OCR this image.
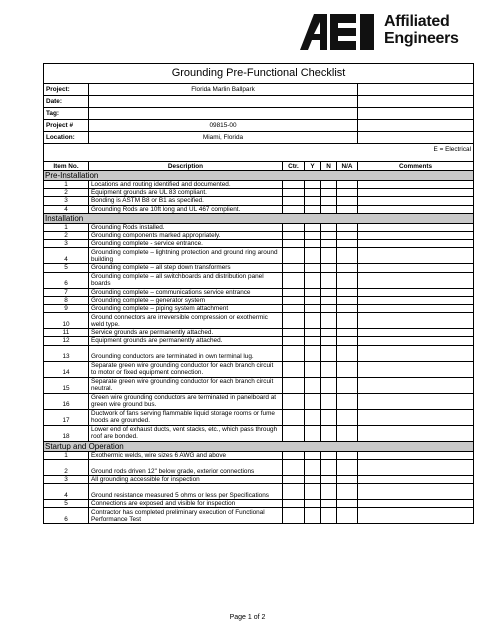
Affiliated
Engineers
Grounding Pre-Functional Checklist						
Project:	Florida Marlin Ballpark					
Date:						
Tag:						
Project #	09815-00					
Location:	Miami, Florida					
E = Electrical						

Item No.	Description	Ctr.	Y	N	N/A	Comments
Pre-Installation						
1	Locations and routing identified and documented.					
2	Equipment grounds are UL 83 compliant.					
3	Bonding is ASTM B8 or B1 as specified.					
4	Grounding Rods are 10ft long and UL 467 complient.					
Installation						
1	Grounding Rods installed.					
2	Grounding components marked appropriately.					
3	Grounding complete - service entrance.					
4	Grounding complete – lightning protection and ground ring around building					
5	Grounding complete – all step down transformers					
6	Grounding complete – all switchboards and distribution panel boards					
7	Grounding complete – communications service entrance					
8	Grounding complete – generator system					
9	Grounding complete – piping system attachment					
10	Ground connectors are irreversible compression or exothermic weld type.					
11	Service grounds are permanently attached.					
12	Equipment grounds are permanently attached.					
13	Grounding conductors are terminated in own terminal lug.					
14	Separate green wire grounding conductor for each branch circuit to motor or fixed equipment connection.					
15	Separate green wire grounding conductor for each branch circuit neutral.					
16	Green wire grounding conductors are terminated in panelboard at green wire ground bus.					
17	Ductwork of fans serving flammable liquid storage rooms or fume hoods are grounded.					
18	Lower end of exhaust ducts, vent stacks, etc., which pass through roof are bonded.					
Startup and Operation						
1	Exothermic welds, wire sizes 6 AWG and above					
2	Ground rods driven 12" below grade, exterior connections					
3	All grounding accessible for inspection					
4	Ground resistance measured 5 ohms or less per Specifications					
5	Connections are exposed and visible for inspection					
6	Contractor has completed preliminary execution of Functional Performance Test					
Page 1 of 2
